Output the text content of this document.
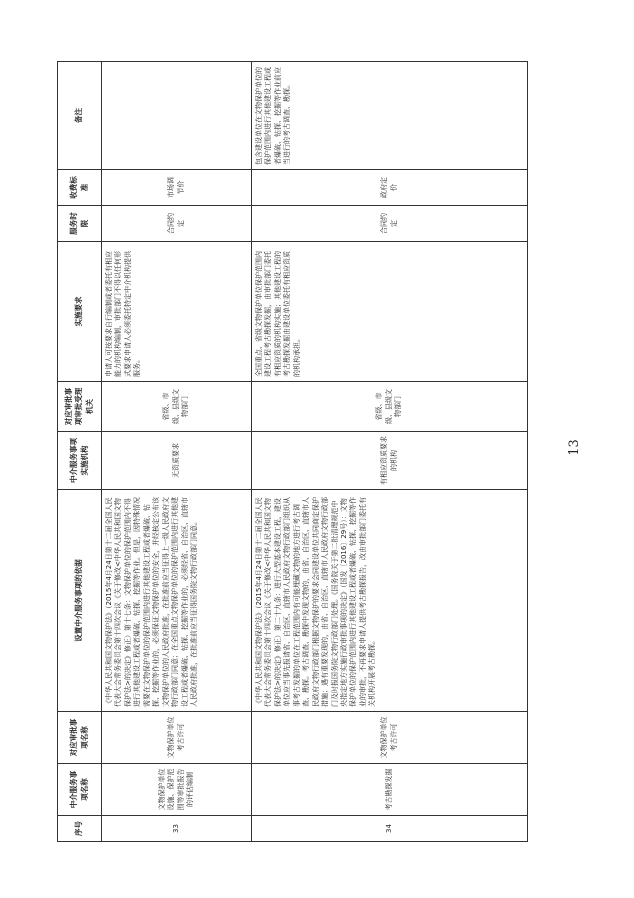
序号	中介服务事项名称	对应审批事项名称	设置中介服务事项的依据	中介服务事项实施机构	对应审批事项审批受理机关	实施要求	服务时限	收费标准	备注
33	文物保护单位设施、保护范围等审批报告的评估编制	文物保护单位考古许可	《中华人民共和国文物保护法》（2015年4月24日第十二届全国人民代表大会常务委员会第十四次会议《关于修改<中华人民共和国文物保护法>的决定》修正）第十七条：文物保护单位的保护范围内不得进行其他建设工程或者爆破、钻探、挖掘等作业。但是，因特殊情况需要在文物保护单位的保护范围内进行其他建设工程或者爆破、钻探、挖掘等作业的，必须保证文物保护单位的安全，并经核定公布该文物保护单位的人民政府批准，在批准前应当征得上一级人民政府文物行政部门同意；在全国重点文物保护单位的保护范围内进行其他建设工程或者爆破、钻探、挖掘等作业的，必须经省、自治区、直辖市人民政府批准，在批准前应当征得国务院文物行政部门同意。	无资质要求	省级、市级、县级文物部门	申请人可按要求自行编制或者委托有相应能力的机构编制，审批部门不得以任何形式要求申请人必须委托特定中介机构提供服务。	合同约定	市场调节价	
34	考古勘探发掘	文物保护单位考古许可	《中华人民共和国文物保护法》（2015年4月24日第十二届全国人民代表大会常务委员会第十四次会议《关于修改<中华人民共和国文物保护法>的决定》修正）第二十九条：进行大型基本建设工程，建设单位应当事先报请省、自治区、直辖市人民政府文物行政部门组织从事考古发掘的单位在工程范围内有可能埋藏文物的地方进行考古调查、勘探。考古调查、勘探中发现文物的，由省、自治区、直辖市人民政府文物行政部门根据文物保护的要求会同建设单位共同商定保护措施；遇有重要发现的，由省、自治区、直辖市人民政府文物行政部门及时报国务院文物行政部门处理。《国务院关于第二批清理规范中央指定地方实施行政审批事项的决定》（国发〔2016〕29号）：文物保护单位的保护范围内进行其他建设工程或者爆破、钻探、挖掘等作业的审批，不再要求申请人提供考古勘探报告，改由审批部门委托有关机构开展考古勘探。	有相应资质要求的机构	省级、市级、县级文物部门	全国重点、省级文物保护单位保护范围内建设工程考古勘探发掘，由审批部门委托有相应资质的机构实施；其他建设工程的考古勘探发掘由建设单位委托有相应资质的机构承担。	合同约定	政府定价	包含建设单位在文物保护单位的保护范围内进行其他建设工程或者爆破、钻探、挖掘等作业前应当进行的考古调查、勘探。
13
